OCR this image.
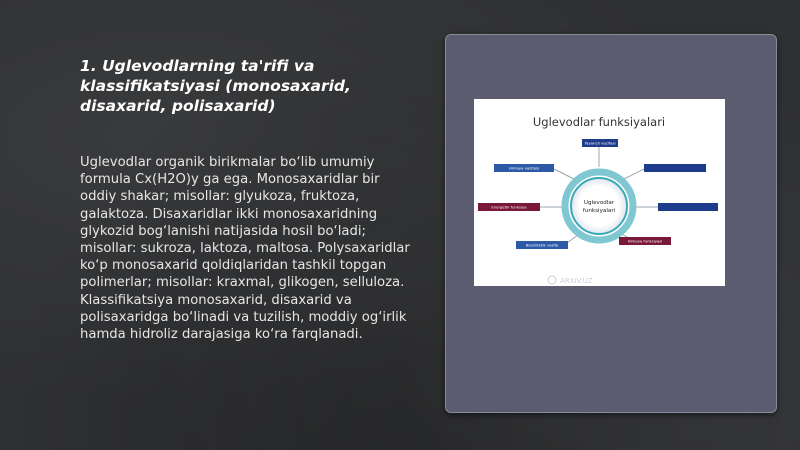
1. Uglevodlarning ta'rifi va klassifikatsiyasi (monosaxarid, disaxarid, polisaxarid)

Uglevodlar organik birikmalar bo‘lib umumiy formula Cx(H2O)y ga ega. Monosaxaridlar bir oddiy shakar; misollar: glyukoza, fruktoza, galaktoza. Disaxaridlar ikki monosaxaridning glykozid bog‘lanishi natijasida hosil bo‘ladi; misollar: sukroza, laktoza, maltosa. Polysaxaridlar ko‘p monosaxarid qoldiqlaridan tashkil topgan polimerlar; misollar: kraxmal, glikogen, selluloza. Klassifikatsiya monosaxarid, disaxarid va polisaxaridga bo‘linadi va tuzilish, moddiy og‘irlik hamda hidroliz darajasiga ko‘ra farqlanadi.

Uglevodlar funksiyalari
Uglevodlar
funksiyalari
Tayanch vazifasi
Himoya vazifasi
Energetik funksiya
Biosintetik vazifa
Himoya funksiyasi
ARXIV.UZ
